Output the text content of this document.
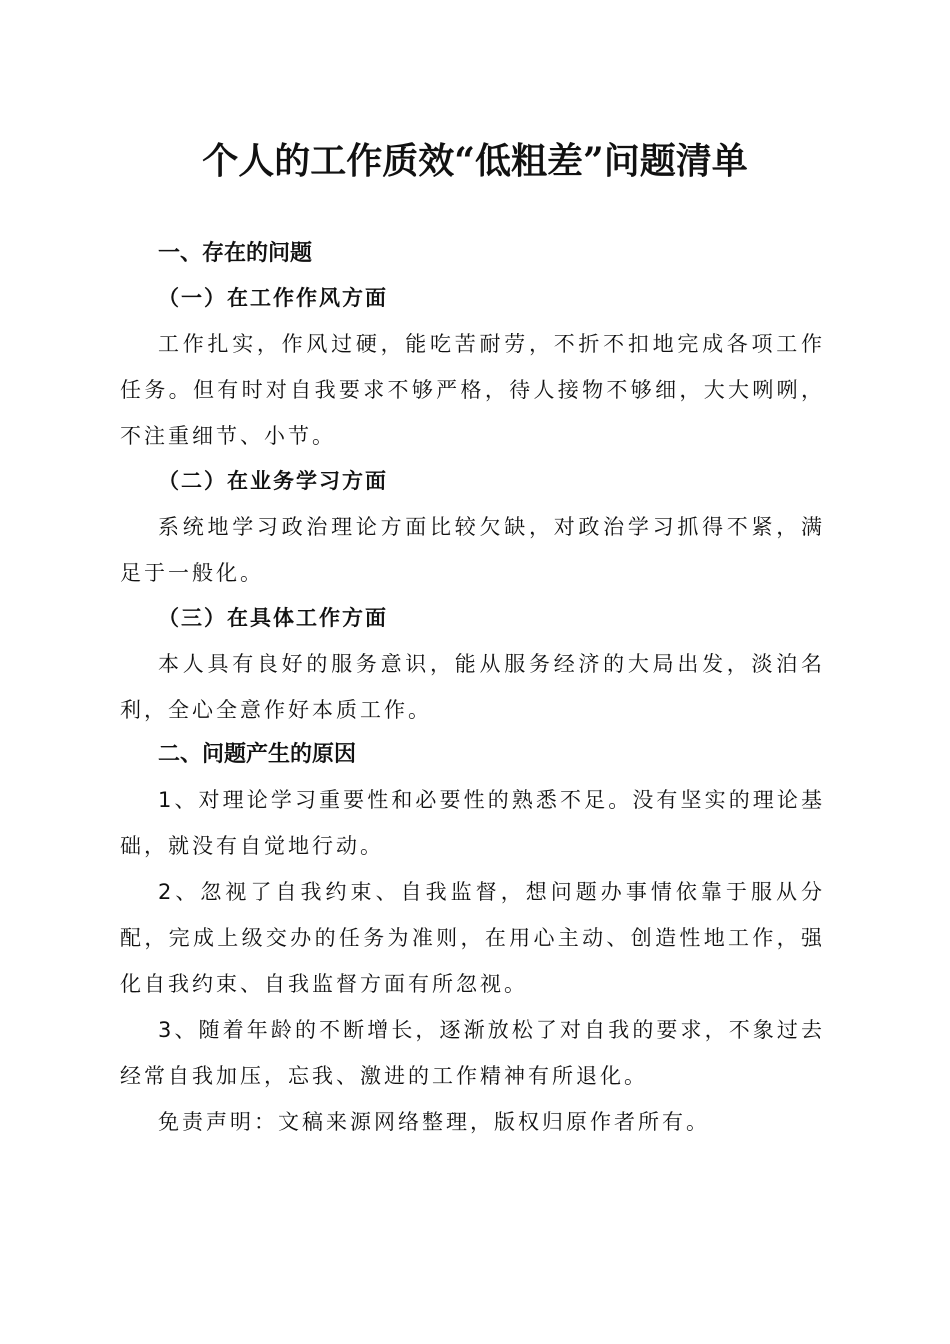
个人的工作质效“低粗差”问题清单

一、存在的问题

（一）在工作作风方面

工作扎实，作风过硬，能吃苦耐劳，不折不扣地完成各项工作任务。但有时对自我要求不够严格，待人接物不够细，大大咧咧，不注重细节、小节。

（二）在业务学习方面

系统地学习政治理论方面比较欠缺，对政治学习抓得不紧，满足于一般化。

（三）在具体工作方面

本人具有良好的服务意识，能从服务经济的大局出发，淡泊名利，全心全意作好本质工作。

二、问题产生的原因

1、对理论学习重要性和必要性的熟悉不足。没有坚实的理论基础，就没有自觉地行动。

2、忽视了自我约束、自我监督，想问题办事情依靠于服从分配，完成上级交办的任务为准则，在用心主动、创造性地工作，强化自我约束、自我监督方面有所忽视。

3、随着年龄的不断增长，逐渐放松了对自我的要求，不象过去经常自我加压，忘我、激进的工作精神有所退化。

免责声明：文稿来源网络整理，版权归原作者所有。
